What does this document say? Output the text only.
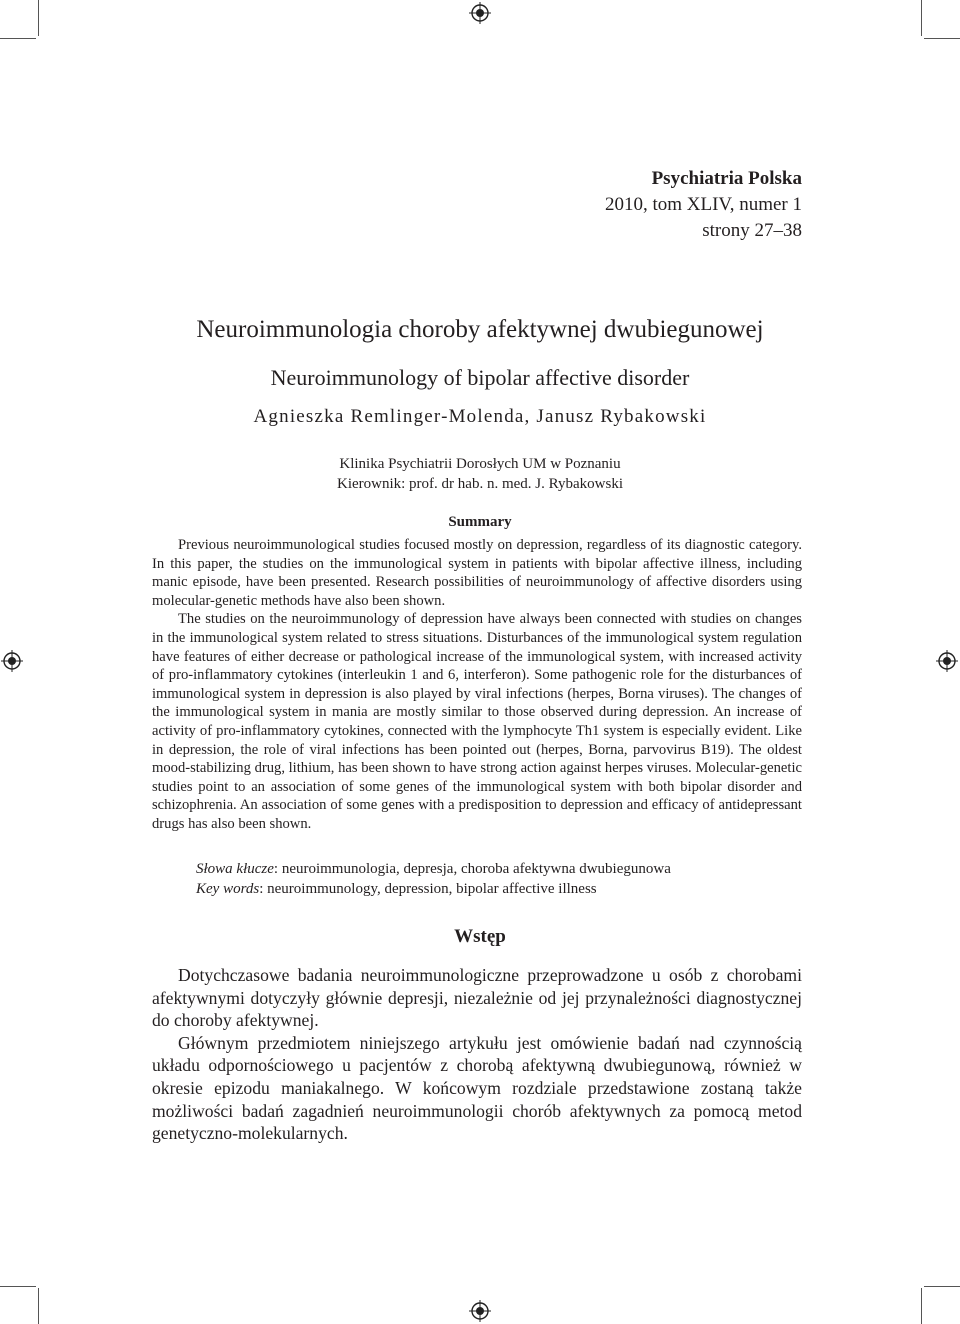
Psychiatria Polska
2010, tom XLIV, numer 1
strony 27–38
Neuroimmunologia choroby afektywnej dwubiegunowej
Neuroimmunology of bipolar affective disorder
Agnieszka Remlinger-Molenda, Janusz Rybakowski
Klinika Psychiatrii Dorosłych UM w Poznaniu
Kierownik: prof. dr hab. n. med. J. Rybakowski
Summary

Previous neuroimmunological studies focused mostly on depression, regardless of its diagnostic category. In this paper, the studies on the immunological system in patients with bipolar affective illness, including manic episode, have been presented. Research possibilities of neuroimmunology of affective disorders using molecular-genetic methods have also been shown.

The studies on the neuroimmunology of depression have always been connected with studies on changes in the immunological system related to stress situations. Disturbances of the immunological system regulation have features of either decrease or pathological increase of the immunological system, with increased activity of pro-inflammatory cytokines (interleukin 1 and 6, interferon). Some pathogenic role for the disturbances of immunological system in depression is also played by viral infections (herpes, Borna viruses). The changes of the immunological system in mania are mostly similar to those observed during depression. An increase of activity of pro-inflammatory cytokines, connected with the lymphocyte Th1 system is especially evident. Like in depression, the role of viral infections has been pointed out (herpes, Borna, parvovirus B19). The oldest mood-stabilizing drug, lithium, has been shown to have strong action against herpes viruses. Molecular-genetic studies point to an association of some genes of the immunological system with both bipolar disorder and schizophrenia. An association of some genes with a predisposition to depression and efficacy of antidepressant drugs has also been shown.

Słowa kłucze: neuroimmunologia, depresja, choroba afektywna dwubiegunowa
Key words: neuroimmunology, depression, bipolar affective illness
Wstęp

Dotychczasowe badania neuroimmunologiczne przeprowadzone u osób z chorobami afektywnymi dotyczyły głównie depresji, niezależnie od jej przynależności diagnostycznej do choroby afektywnej.

Głównym przedmiotem niniejszego artykułu jest omówienie badań nad czynnością układu odpornościowego u pacjentów z chorobą afektywną dwubiegunową, również w okresie epizodu maniakalnego. W końcowym rozdziale przedstawione zostaną także możliwości badań zagadnień neuroimmunologii chorób afektywnych za pomocą metod genetyczno-molekularnych.
